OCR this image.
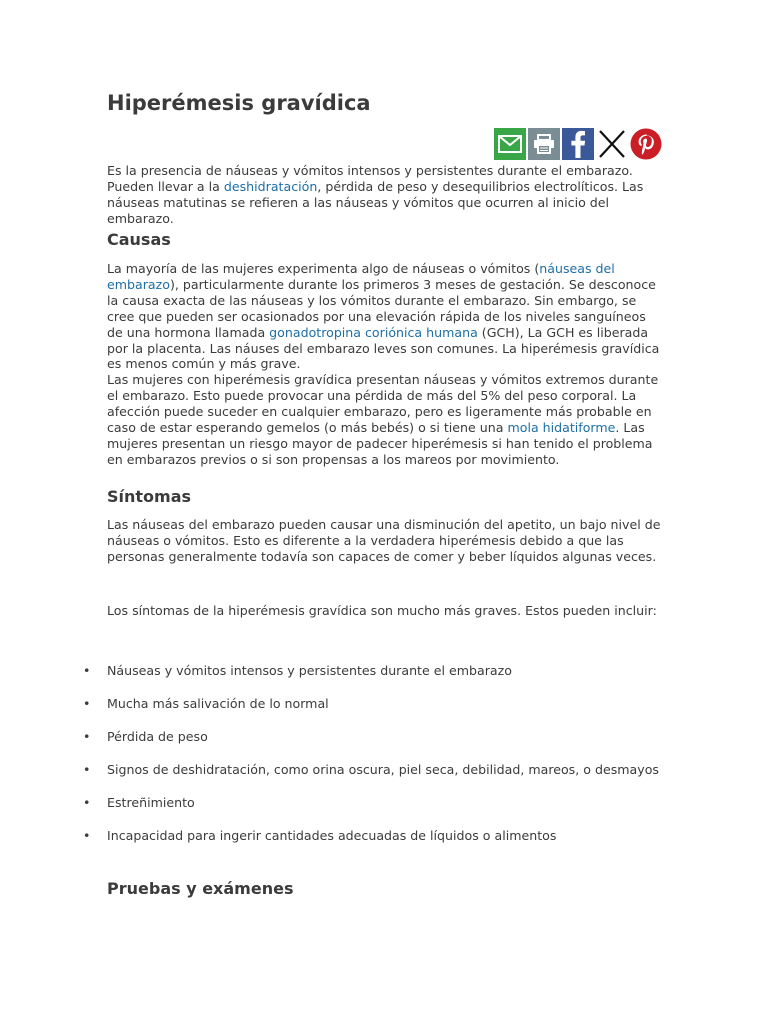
Hiperémesis gravídica

Es la presencia de náuseas y vómitos intensos y persistentes durante el embarazo. Pueden llevar a la deshidratación, pérdida de peso y desequilibrios electrolíticos. Las náuseas matutinas se refieren a las náuseas y vómitos que ocurren al inicio del embarazo.

Causas

La mayoría de las mujeres experimenta algo de náuseas o vómitos (náuseas del embarazo), particularmente durante los primeros 3 meses de gestación. Se desconoce la causa exacta de las náuseas y los vómitos durante el embarazo. Sin embargo, se cree que pueden ser ocasionados por una elevación rápida de los niveles sanguíneos de una hormona llamada gonadotropina coriónica humana (GCH), La GCH es liberada por la placenta. Las náuses del embarazo leves son comunes. La hiperémesis gravídica es menos común y más grave.

Las mujeres con hiperémesis gravídica presentan náuseas y vómitos extremos durante el embarazo. Esto puede provocar una pérdida de más del 5% del peso corporal. La afección puede suceder en cualquier embarazo, pero es ligeramente más probable en caso de estar esperando gemelos (o más bebés) o si tiene una mola hidatiforme. Las mujeres presentan un riesgo mayor de padecer hiperémesis si han tenido el problema en embarazos previos o si son propensas a los mareos por movimiento.

Síntomas

Las náuseas del embarazo pueden causar una disminución del apetito, un bajo nivel de náuseas o vómitos. Esto es diferente a la verdadera hiperémesis debido a que las personas generalmente todavía son capaces de comer y beber líquidos algunas veces.

Los síntomas de la hiperémesis gravídica son mucho más graves. Estos pueden incluir:

• Náuseas y vómitos intensos y persistentes durante el embarazo
• Mucha más salivación de lo normal
• Pérdida de peso
• Signos de deshidratación, como orina oscura, piel seca, debilidad, mareos, o desmayos
• Estreñimiento
• Incapacidad para ingerir cantidades adecuadas de líquidos o alimentos
Pruebas y exámenes
